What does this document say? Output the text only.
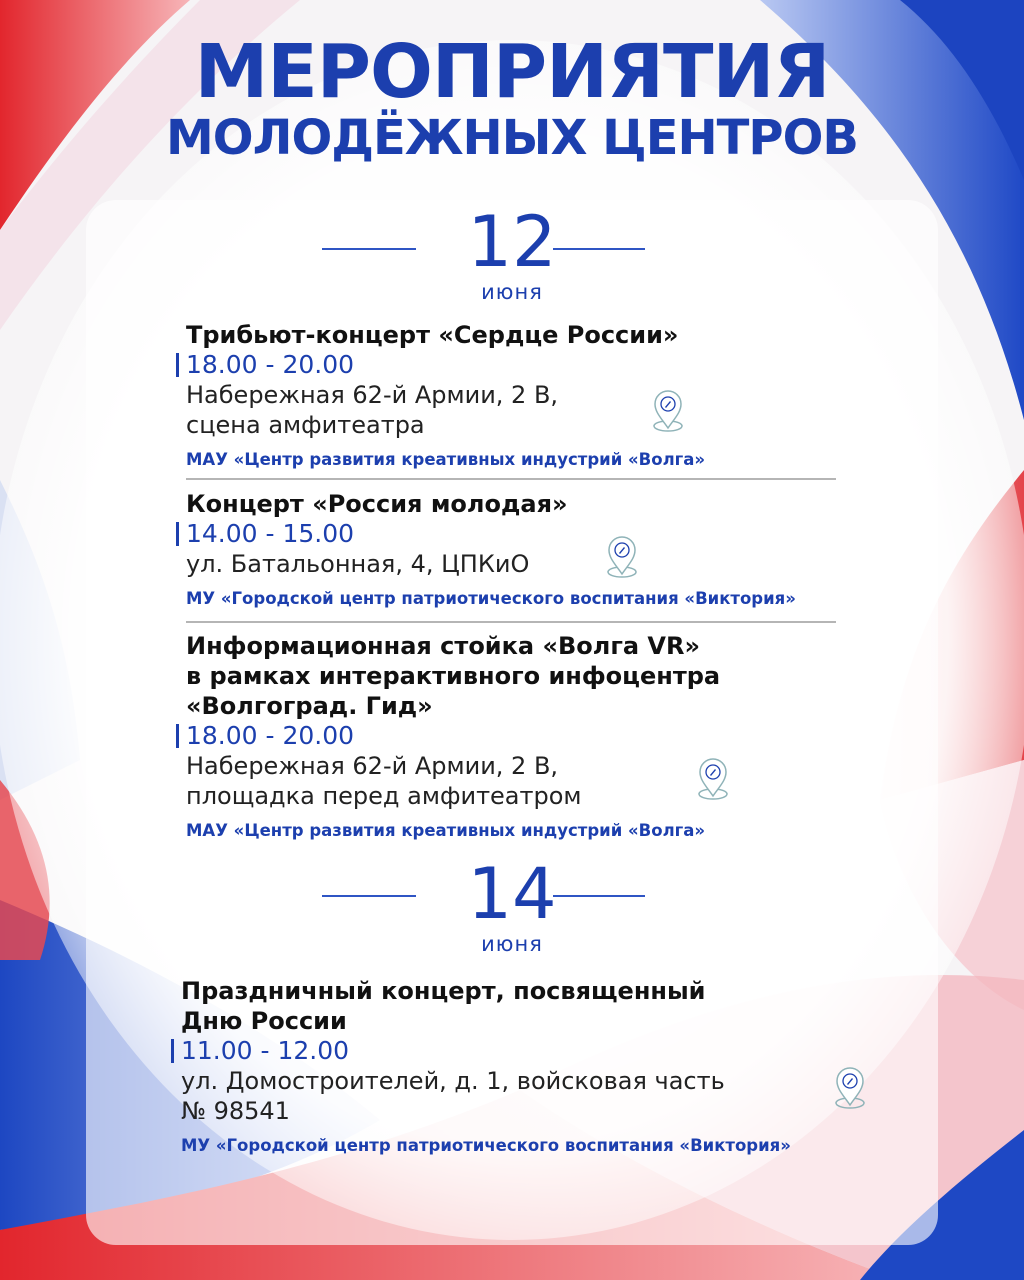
МЕРОПРИЯТИЯ
МОЛОДЁЖНЫХ ЦЕНТРОВ
12
июня
Трибьют-концерт «Сердце России»
18.00 - 20.00
Набережная 62-й Армии, 2 В,
сцена амфитеатра
МАУ «Центр развития креативных индустрий «Волга»
Концерт «Россия молодая»
14.00 - 15.00
ул. Батальонная, 4, ЦПКиО
МУ «Городской центр патриотического воспитания «Виктория»
Информационная стойка «Волга VR»
в рамках интерактивного инфоцентра
«Волгоград. Гид»
18.00 - 20.00
Набережная 62-й Армии, 2 В,
площадка перед амфитеатром
МАУ «Центр развития креативных индустрий «Волга»
14
июня
Праздничный концерт, посвященный
Дню России
11.00 - 12.00
ул. Домостроителей, д. 1, войсковая часть
№ 98541
МУ «Городской центр патриотического воспитания «Виктория»
